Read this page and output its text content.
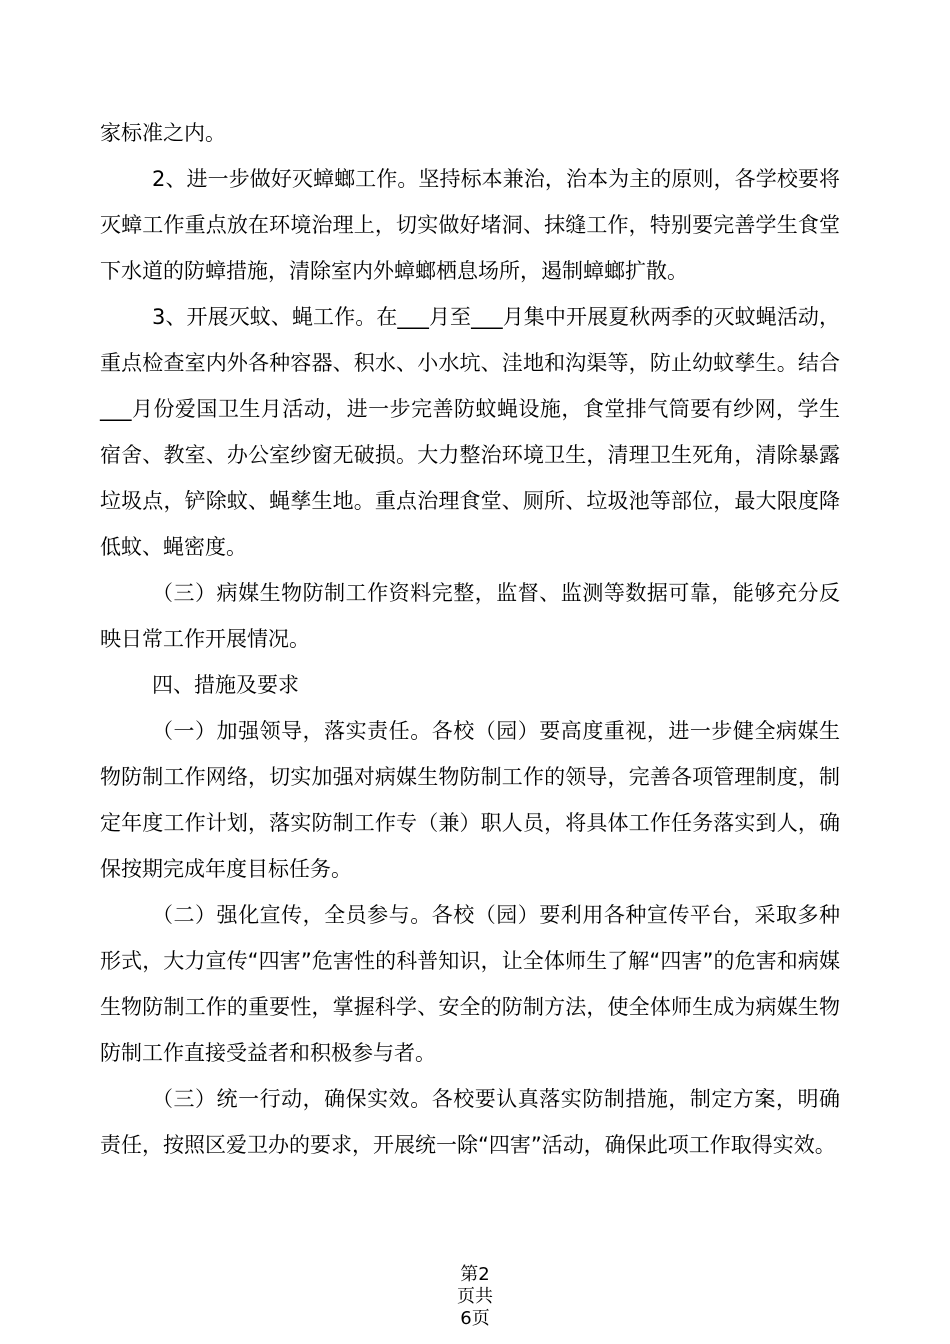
家标准之内。

2、进一步做好灭蟑螂工作。坚持标本兼治，治本为主的原则，各学校要将灭蟑工作重点放在环境治理上，切实做好堵洞、抹缝工作，特别要完善学生食堂下水道的防蟑措施，清除室内外蟑螂栖息场所，遏制蟑螂扩散。

3、开展灭蚊、蝇工作。在___月至___月集中开展夏秋两季的灭蚊蝇活动，重点检查室内外各种容器、积水、小水坑、洼地和沟渠等，防止幼蚊孳生。结合___月份爱国卫生月活动，进一步完善防蚊蝇设施，食堂排气筒要有纱网，学生宿舍、教室、办公室纱窗无破损。大力整治环境卫生，清理卫生死角，清除暴露垃圾点，铲除蚊、蝇孳生地。重点治理食堂、厕所、垃圾池等部位，最大限度降低蚊、蝇密度。

（三）病媒生物防制工作资料完整，监督、监测等数据可靠，能够充分反映日常工作开展情况。

四、措施及要求

（一）加强领导，落实责任。各校（园）要高度重视，进一步健全病媒生物防制工作网络，切实加强对病媒生物防制工作的领导，完善各项管理制度，制定年度工作计划，落实防制工作专（兼）职人员，将具体工作任务落实到人，确保按期完成年度目标任务。

（二）强化宣传，全员参与。各校（园）要利用各种宣传平台，采取多种形式，大力宣传“四害”危害性的科普知识，让全体师生了解“四害”的危害和病媒生物防制工作的重要性，掌握科学、安全的防制方法，使全体师生成为病媒生物防制工作直接受益者和积极参与者。

（三）统一行动，确保实效。各校要认真落实防制措施，制定方案，明确责任，按照区爱卫办的要求，开展统一除“四害”活动，确保此项工作取得实效。

第2
页共
6页
